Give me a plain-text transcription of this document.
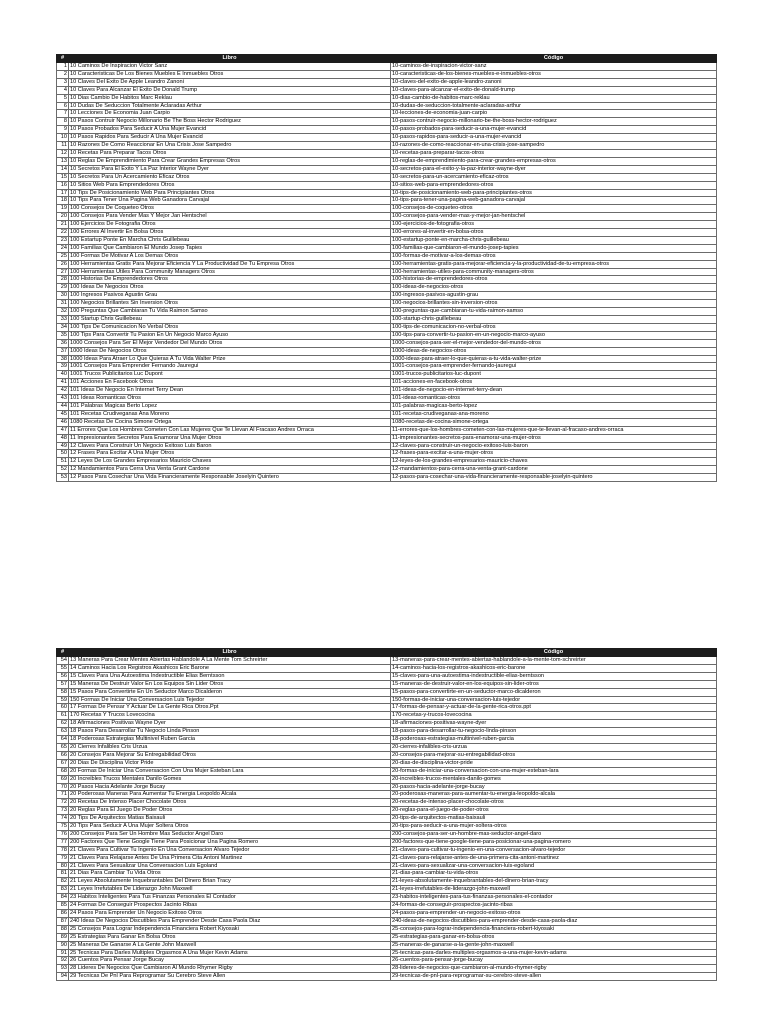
#	Libro	Código
1	10 Caminos De Inspiracion Victor Sanz	10-caminos-de-inspiracion-victor-sanz
2	10 Caracteristicas De Los Bienes Muebles E Inmuebles Otros	10-caracteristicas-de-los-bienes-muebles-e-inmuebles-otros
3	10 Claves Del Exito De Apple Leandro Zanoni	10-claves-del-exito-de-apple-leandro-zanoni
4	10 Claves Para Alcanzar El Exito De Donald Trump	10-claves-para-alcanzar-el-exito-de-donald-trump
5	10 Dias Cambio De Habitos Marc Reklau	10-dias-cambio-de-habitos-marc-reklau
6	10 Dudas De Seduccion Totalmente Aclaradas Arthur	10-dudas-de-seduccion-totalmente-aclaradas-arthur
7	10 Lecciones De Economia Juan Carpio	10-lecciones-de-economia-juan-carpio
8	10 Pasos Contruir Negocio Millonario Be The Boss Hector Rodriguez	10-pasos-contruir-negocio-millonario-be-the-boss-hector-rodriguez
9	10 Pasos Probados Para Seducir A Una Mujer Evancid	10-pasos-probados-para-seducir-a-una-mujer-evancid
10	10 Pasos Rapidos Para Seducir A Una Mujer Evancid	10-pasos-rapidos-para-seducir-a-una-mujer-evancid
11	10 Razones De Como Reaccionar En Una Crisis Jose Sampedro	10-razones-de-como-reaccionar-en-una-crisis-jose-sampedro
12	10 Recetas Para Preparar Tacos Otros	10-recetas-para-preparar-tacos-otros
13	10 Reglas De Emprendimiento Para Crear Grandes Empresas Otros	10-reglas-de-emprendimiento-para-crear-grandes-empresas-otros
14	10 Secretos Para El Exito Y La Paz Interior Wayne Dyer	10-secretos-para-el-exito-y-la-paz-interior-wayne-dyer
15	10 Secretos Para Un Acercamiento Eficaz Otros	10-secretos-para-un-acercamiento-eficaz-otros
16	10 Sitios Web Para Emprendedores Otros	10-sitios-web-para-emprendedores-otros
17	10 Tips De Posicionamiento Web Para Principiantes Otros	10-tips-de-posicionamiento-web-para-principiantes-otros
18	10 Tips Para Tener Una Pagina Web Ganadora Carvajal	10-tips-para-tener-una-pagina-web-ganadora-carvajal
19	100 Consejos De Coqueteo Otros	100-consejos-de-coqueteo-otros
20	100 Consejos Para Vender Mas Y Mejor Jan Hentschel	100-consejos-para-vender-mas-y-mejor-jan-hentschel
21	100 Ejercicios De Fotografia Otros	100-ejercicios-de-fotografia-otros
22	100 Errores Al Invertir En Bolsa Otros	100-errores-al-invertir-en-bolsa-otros
23	100 Estartup Ponte En Marcha Chris Guillebeau	100-estartup-ponte-en-marcha-chris-guillebeau
24	100 Familias Que Cambiaron El Mundo Josep Tapies	100-familias-que-cambiaron-el-mundo-josep-tapies
25	100 Formas De Motivar A Los Demas Otros	100-formas-de-motivar-a-los-demas-otros
26	100 Herramientas Gratis Para Mejorar Eficiencia Y La Productividad De Tu Empresa Otros	100-herramientas-gratis-para-mejorar-eficiencia-y-la-productividad-de-tu-empresa-otros
27	100 Herramientas Utiles Para Community Managers Otros	100-herramientas-utiles-para-community-managers-otros
28	100 Historias De Emprendedores Otros	100-historias-de-emprendedores-otros
29	100 Ideas De Negocios Otros	100-ideas-de-negocios-otros
30	100 Ingresos Pasivos Agustin Grau	100-ingresos-pasivos-agustin-grau
31	100 Negocios Brillantes Sin Inversion Otros	100-negocios-brillantes-sin-inversion-otros
32	100 Preguntas Que Cambiaran Tu Vida Raimon Samso	100-preguntas-que-cambiaran-tu-vida-raimon-samso
33	100 Startup Chris Guillebeau	100-startup-chris-guillebeau
34	100 Tips De Comunicacion No Verbal Otros	100-tips-de-comunicacion-no-verbal-otros
35	100 Tips Para Convertir Tu Pasion En Un Negocio Marco Ayuso	100-tips-para-convertir-tu-pasion-en-un-negocio-marco-ayuso
36	1000 Consejos Para Ser El Mejor Vendedor Del Mundo Otros	1000-consejos-para-ser-el-mejor-vendedor-del-mundo-otros
37	1000 Ideas De Negocios Otros	1000-ideas-de-negocios-otros
38	1000 Ideas Para Atraer Lo Que Quieras A Tu Vida Walter Prize	1000-ideas-para-atraer-lo-que-quieras-a-tu-vida-walter-prize
39	1001 Consejos Para Emprender Fernando Jauregui	1001-consejos-para-emprender-fernando-jauregui
40	1001 Trucos Publicitarios Luc Dupont	1001-trucos-publicitarios-luc-dupont
41	101 Acciones En Facebook Otros	101-acciones-en-facebook-otros
42	101 Ideas De Negocio En Internet Terry Dean	101-ideas-de-negocio-en-internet-terry-dean
43	101 Ideas Romanticas Otros	101-ideas-romanticas-otros
44	101 Palabras Magicas Berto Lopez	101-palabras-magicas-berto-lopez
45	101 Recetas Crudiveganas Ana Moreno	101-recetas-crudiveganas-ana-moreno
46	1080 Recetas De Cocina Simone Ortega	1080-recetas-de-cocina-simone-ortega
47	11 Errores Que Los Hombres Cometen Con Las Mujeres Que Te Llevan Al Fracaso Andres Orraca	11-errores-que-los-hombres-cometen-con-las-mujeres-que-te-llevan-al-fracaso-andres-orraca
48	11 Impresionantes Secretos Para Enamorar Una Mujer Otros	11-impresionantes-secretos-para-enamorar-una-mujer-otros
49	12 Claves Para Construir Un Negocio Exitoso Luis Baron	12-claves-para-construir-un-negocio-exitoso-luis-baron
50	12 Frases Para Excitar A Una Mujer Otros	12-frases-para-excitar-a-una-mujer-otros
51	12 Leyes De Los Grandes Empresarios Mauricio Chaves	12-leyes-de-los-grandes-empresarios-mauricio-chaves
52	12 Mandamientos Para Cerra Una Venta Grant Cardone	12-mandamientos-para-cerra-una-venta-grant-cardone
53	12 Pasos Para Cosechar Una Vida Financieramente Responsable Joselyin Quintero	12-pasos-para-cosechar-una-vida-financieramente-responsable-joselyin-quintero
#	Libro	Código
54	13 Maneras Para Crear Mentes Abiertas Hablandole A La Mente Tom Schreirter	13-maneras-para-crear-mentes-abiertas-hablandole-a-la-mente-tom-schreirter
55	14 Caminos Hacia Los Registros Akashicos Eric Barone	14-caminos-hacia-los-registros-akashicos-eric-barone
56	15 Claves Para Una Autoestima Indestructible Elias Berntsson	15-claves-para-una-autoestima-indestructible-elias-berntsson
57	15 Maneras De Destruir Valor En Los Equipos Sin Lider Otros	15-maneras-de-destruir-valor-en-los-equipos-sin-lider-otros
58	15 Pasos Para Convertirte En Un Seductor Marco Dicalderon	15-pasos-para-convertirte-en-un-seductor-marco-dicalderon
59	150 Formas De Iniciar Una Conversacion Luis Tejedor	150-formas-de-iniciar-una-conversacion-luis-tejedor
60	17 Formas De Pensar Y Actuar De La Gente Rica Otros.Ppt	17-formas-de-pensar-y-actuar-de-la-gente-rica-otros.ppt
61	170 Recetas Y Trucos Lovecocina	170-recetas-y-trucos-lovecocina
62	18 Afirmaciones Positivas Wayne Dyer	18-afirmaciones-positivas-wayne-dyer
63	18 Pasos Para Desarrollar Tu Negocio Linda Pinson	18-pasos-para-desarrollar-tu-negocio-linda-pinson
64	18 Poderosas Estrategias Multinivel Ruben Garcia	18-poderosas-estrategias-multinivel-ruben-garcia
65	20 Cierres Infalibles Cris Urzua	20-cierres-infalibles-cris-urzua
66	20 Consejos Para Mejorar Su Entregabilidad Otros	20-consejos-para-mejorar-su-entregabilidad-otros
67	20 Dias De Disciplina Victor Pride	20-dias-de-disciplina-victor-pride
68	20 Formas De Iniciar Una Conversacion Con Una Mujer Esteban Lara	20-formas-de-iniciar-una-conversacion-con-una-mujer-esteban-lara
69	20 Increibles Trucos Mentales Danilo Gomes	20-increibles-trucos-mentales-danilo-gomes
70	20 Pasos Hacia Adelante Jorge Bucay	20-pasos-hacia-adelante-jorge-bucay
71	20 Poderosas Maneras Para Aumentar Tu Energia Leopoldo Alcala	20-poderosas-maneras-para-aumentar-tu-energia-leopoldo-alcala
72	20 Recetas De Intenso Placer Chocolate Otros	20-recetas-de-intenso-placer-chocolate-otros
73	20 Reglas Para El Juego De Poder Otros	20-reglas-para-el-juego-de-poder-otros
74	20 Tips De Arquitectos Matias Baixauli	20-tips-de-arquitectos-matias-baixauli
75	20 Tips Para Seducir A Una Mujer Soltera Otros	20-tips-para-seducir-a-una-mujer-soltera-otros
76	200 Consejos Para Ser Un Hombre Mas Seductor Angel Daro	200-consejos-para-ser-un-hombre-mas-seductor-angel-daro
77	200 Factores Que Tiene Google Tiene Para Posicionar Una Pagina Romero	200-factores-que-tiene-google-tiene-para-posicionar-una-pagina-romero
78	21 Claves Para Cultivar Tu Ingenio En Una Conversacion Alvaro Tejedor	21-claves-para-cultivar-tu-ingenio-en-una-conversacion-alvaro-tejedor
79	21 Claves Para Relajarse Antes De Una Primera Cita Antoni Martinez	21-claves-para-relajarse-antes-de-una-primera-cita-antoni-martinez
80	21 Claves Para Sexualizar Una Conversacion Luis Egoland	21-claves-para-sexualizar-una-conversacion-luis-egoland
81	21 Dias Para Cambiar Tu Vida Otros	21-dias-para-cambiar-tu-vida-otros
82	21 Leyes Absolutamente Inquebrantables Del Dinero Brian Tracy	21-leyes-absolutamente-inquebrantables-del-dinero-brian-tracy
83	21 Leyes Irrefutables De Liderazgo John Maxwell	21-leyes-irrefutables-de-liderazgo-john-maxwell
84	23 Habitos Inteligentes Para Tus Finanzas Personales El Contador	23-habitos-inteligentes-para-tus-finanzas-personales-el-contador
85	24 Formas De Conseguir Prospectos Jacinto Ribas	24-formas-de-conseguir-prospectos-jacinto-ribas
86	24 Pasos Para Emprender Un Negocio Exitoso Otros	24-pasos-para-emprender-un-negocio-exitoso-otros
87	240 Ideas De Negocios Discutibles Para Emprender Desde Casa Paola Diaz	240-ideas-de-negocios-discutibles-para-emprender-desde-casa-paola-diaz
88	25 Consejos Para Lograr Independencia Financiera Robert Kiyosaki	25-consejos-para-lograr-independencia-financiera-robert-kiyosaki
89	25 Estrategias Para Ganar En Bolsa Otros	25-estrategias-para-ganar-en-bolsa-otros
90	25 Maneras De Ganarse A La Gente John Maxwell	25-maneras-de-ganarse-a-la-gente-john-maxwell
91	25 Tecnicas Para Darles Multiples Orgasmos A Una Mujer Kevin Adams	25-tecnicas-para-darles-multiples-orgasmos-a-una-mujer-kevin-adams
92	26 Cuentos Para Pensar Jorge Bucay	26-cuentos-para-pensar-jorge-bucay
93	28 Lideres De Negocios Que Cambiaron Al Mundo Rhymer Rigby	28-lideres-de-negocios-que-cambiaron-al-mundo-rhymer-rigby
94	29 Tecnicas De Pnl Para Reprogramar Su Cerebro Steve Allen	29-tecnicas-de-pnl-para-reprogramar-su-cerebro-steve-allen
